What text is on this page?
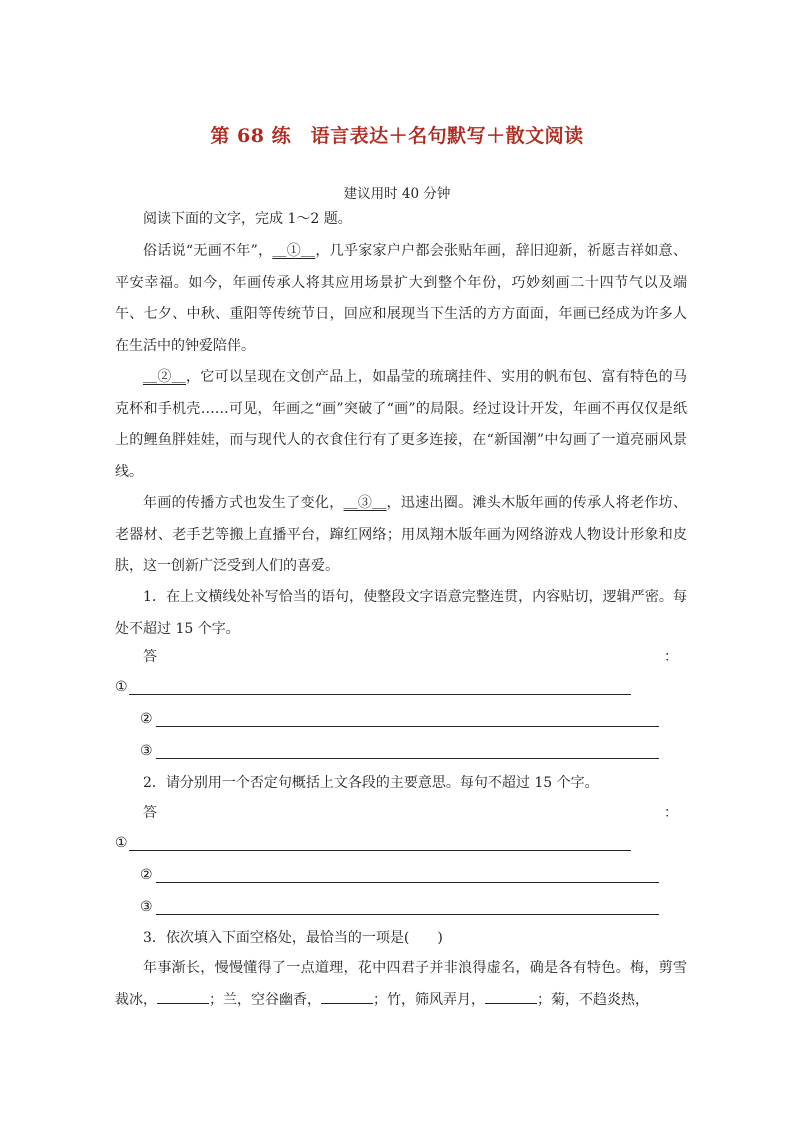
第 68 练　语言表达＋名句默写＋散文阅读
建议用时 40 分钟
阅读下面的文字，完成 1～2 题。

俗话说“无画不年”，＿①＿，几乎家家户户都会张贴年画，辞旧迎新，祈愿吉祥如意、平安幸福。如今，年画传承人将其应用场景扩大到整个年份，巧妙刻画二十四节气以及端午、七夕、中秋、重阳等传统节日，回应和展现当下生活的方方面面，年画已经成为许多人在生活中的钟爱陪伴。

＿②＿，它可以呈现在文创产品上，如晶莹的琉璃挂件、实用的帆布包、富有特色的马克杯和手机壳……可见，年画之“画”突破了“画”的局限。经过设计开发，年画不再仅仅是纸上的鲤鱼胖娃娃，而与现代人的衣食住行有了更多连接，在“新国潮”中勾画了一道亮丽风景线。

年画的传播方式也发生了变化，＿③＿，迅速出圈。滩头木版年画的传承人将老作坊、老器材、老手艺等搬上直播平台，蹿红网络；用凤翔木版年画为网络游戏人物设计形象和皮肤，这一创新广泛受到人们的喜爱。

1．在上文横线处补写恰当的语句，使整段文字语意完整连贯，内容贴切，逻辑严密。每处不超过 15 个字。

答	：
①
②
③
2．请分别用一个否定句概括上文各段的主要意思。每句不超过 15 个字。
答	：
①
②
③
3．依次填入下面空格处，最恰当的一项是(　　)

年事渐长，慢慢懂得了一点道理，花中四君子并非浪得虚名，确是各有特色。梅，剪雪裁冰，	；兰，空谷幽香，	；竹，筛风弄月，	；菊，不趋炎热，
